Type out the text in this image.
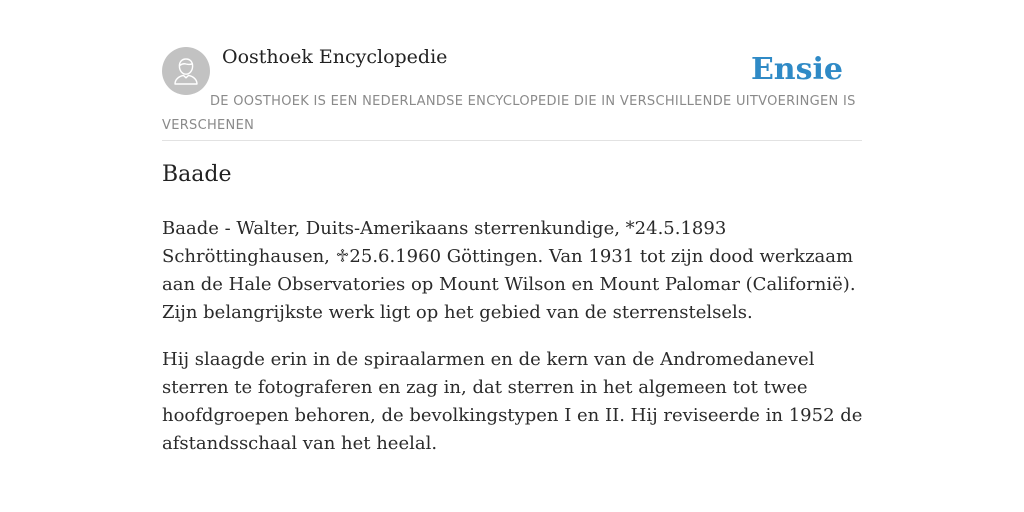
Oosthoek Encyclopedie	Ensie
DE OOSTHOEK IS EEN NEDERLANDSE ENCYCLOPEDIE DIE IN VERSCHILLENDE UITVOERINGEN IS VERSCHENEN
Baade

Baade - Walter, Duits-Amerikaans sterrenkundige, *24.5.1893 Schröttinghausen, ♱25.6.1960 Göttingen. Van 1931 tot zijn dood werkzaam aan de Hale Observatories op Mount Wilson en Mount Palomar (Californië). Zijn belangrijkste werk ligt op het gebied van de sterrenstelsels.

Hij slaagde erin in de spiraalarmen en de kern van de Andromedanevel sterren te fotograferen en zag in, dat sterren in het algemeen tot twee hoofdgroepen behoren, de bevolkingstypen I en II. Hij reviseerde in 1952 de afstandsschaal van het heelal.
